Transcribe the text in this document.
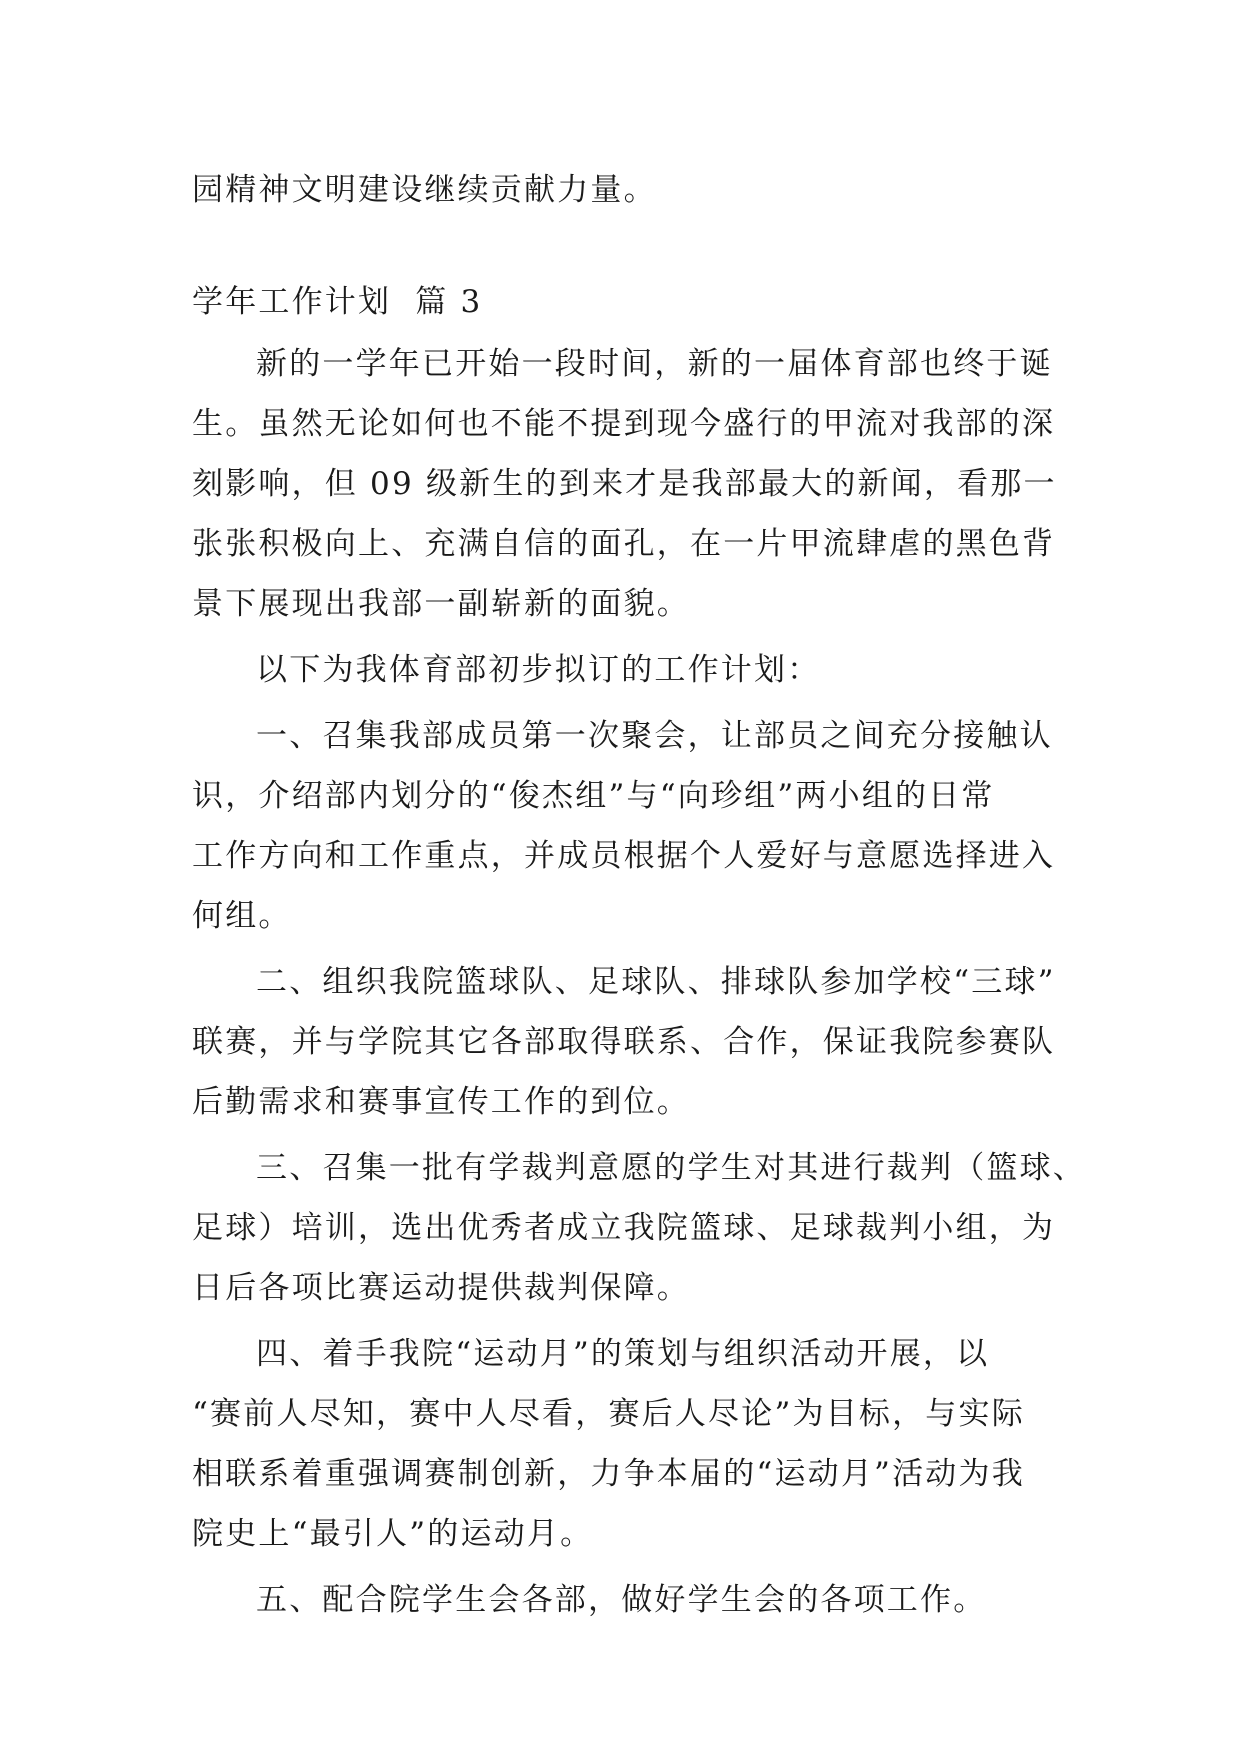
园精神文明建设继续贡献力量。
学年工作计划  篇 3
新的一学年已开始一段时间，新的一届体育部也终于诞
生。虽然无论如何也不能不提到现今盛行的甲流对我部的深
刻影响，但 09 级新生的到来才是我部最大的新闻，看那一
张张积极向上、充满自信的面孔，在一片甲流肆虐的黑色背
景下展现出我部一副崭新的面貌。
以下为我体育部初步拟订的工作计划：
一、召集我部成员第一次聚会，让部员之间充分接触认
识，介绍部内划分的“俊杰组”与“向珍组”两小组的日常
工作方向和工作重点，并成员根据个人爱好与意愿选择进入
何组。
二、组织我院篮球队、足球队、排球队参加学校“三球”
联赛，并与学院其它各部取得联系、合作，保证我院参赛队
后勤需求和赛事宣传工作的到位。
三、召集一批有学裁判意愿的学生对其进行裁判（篮球、
足球）培训，选出优秀者成立我院篮球、足球裁判小组，为
日后各项比赛运动提供裁判保障。
四、着手我院“运动月”的策划与组织活动开展，以
“赛前人尽知，赛中人尽看，赛后人尽论”为目标，与实际
相联系着重强调赛制创新，力争本届的“运动月”活动为我
院史上“最引人”的运动月。
五、配合院学生会各部，做好学生会的各项工作。
